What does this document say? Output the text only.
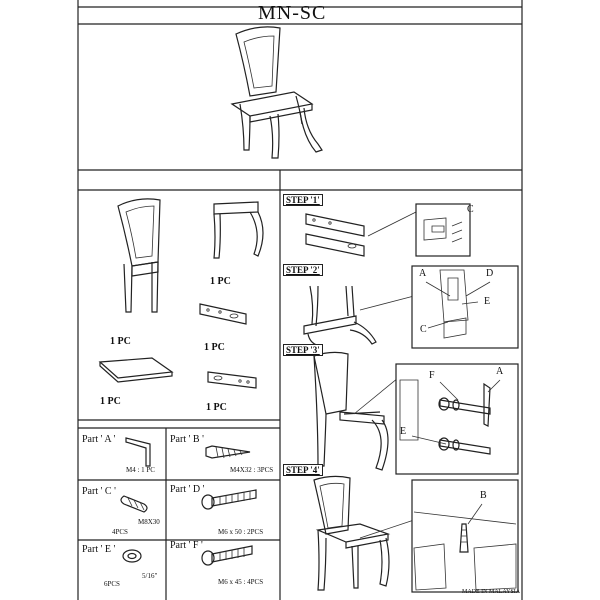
MN-SC
1 PC
1 PC
1 PC
1 PC
1 PC
Part ' A '
M4 : 1 PC
Part ' B '
M4X32 : 3PCS
Part ' C '
4PCS
M8X30
Part ' D '
M6 x 50 : 2PCS
Part ' E '
6PCS
5/16"
Part ' F '
M6 x 45 : 4PCS
STEP '1'
C
STEP '2'	A	D
E
C
STEP '3'
F	A
E
STEP '4'
B
MADE IN MALAYSIA
